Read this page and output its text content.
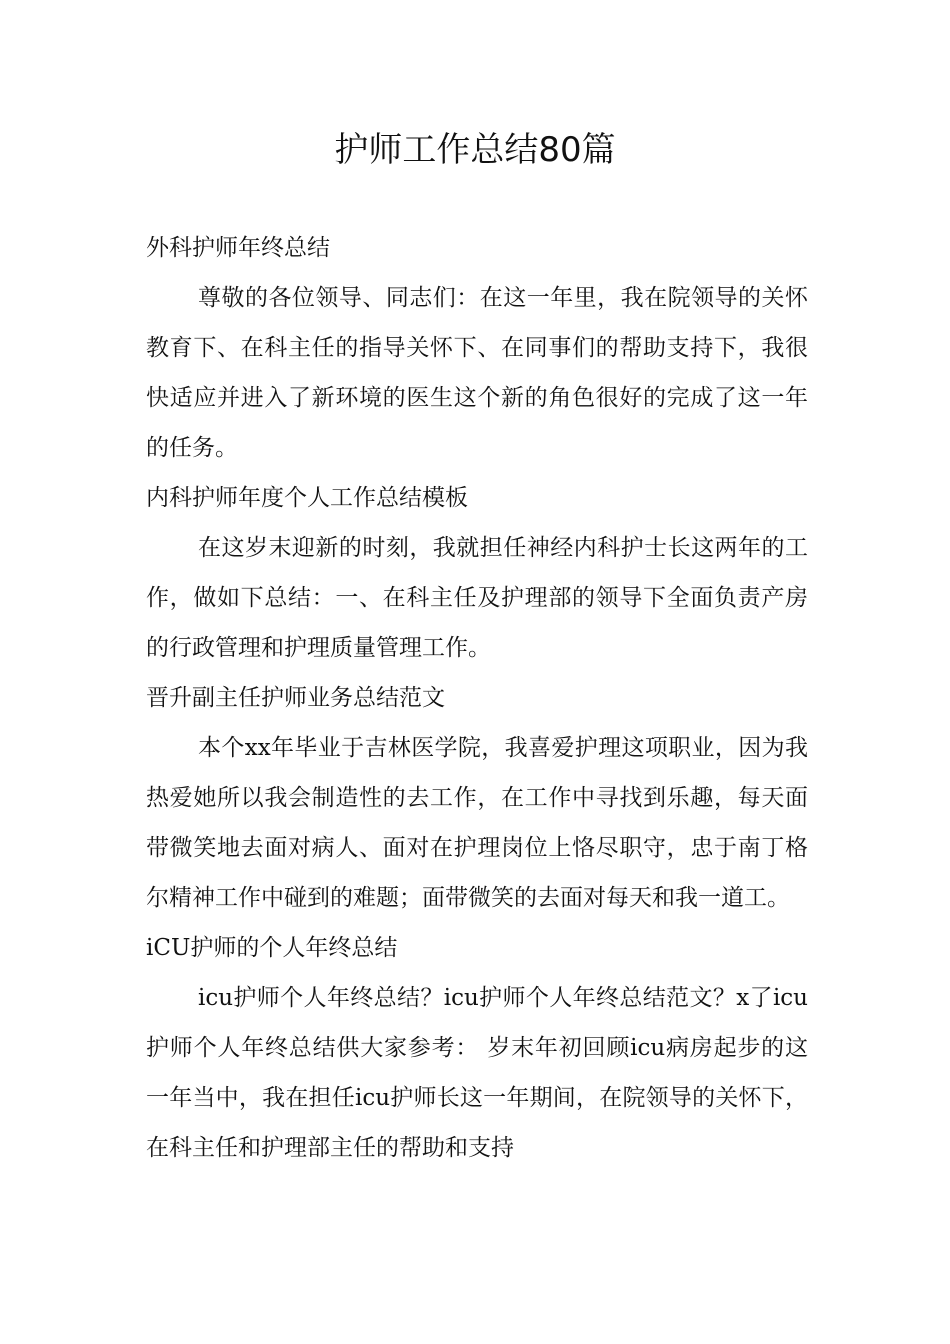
护师工作总结80篇

外科护师年终总结

尊敬的各位领导、同志们：在这一年里，我在院领导的关怀教育下、在科主任的指导关怀下、在同事们的帮助支持下，我很快适应并进入了新环境的医生这个新的角色很好的完成了这一年的任务。

内科护师年度个人工作总结模板

在这岁末迎新的时刻，我就担任神经内科护士长这两年的工作，做如下总结：一、在科主任及护理部的领导下全面负责产房的行政管理和护理质量管理工作。

晋升副主任护师业务总结范文

本个xx年毕业于吉林医学院，我喜爱护理这项职业，因为我热爱她所以我会制造性的去工作，在工作中寻找到乐趣，每天面带微笑地去面对病人、面对在护理岗位上恪尽职守，忠于南丁格尔精神工作中碰到的难题；面带微笑的去面对每天和我一道工。

iCU护师的个人年终总结

icu护师个人年终总结？icu护师个人年终总结范文？x了icu护师个人年终总结供大家参考： 岁末年初回顾icu病房起步的这一年当中，我在担任icu护师长这一年期间，在院领导的关怀下，在科主任和护理部主任的帮助和支持
